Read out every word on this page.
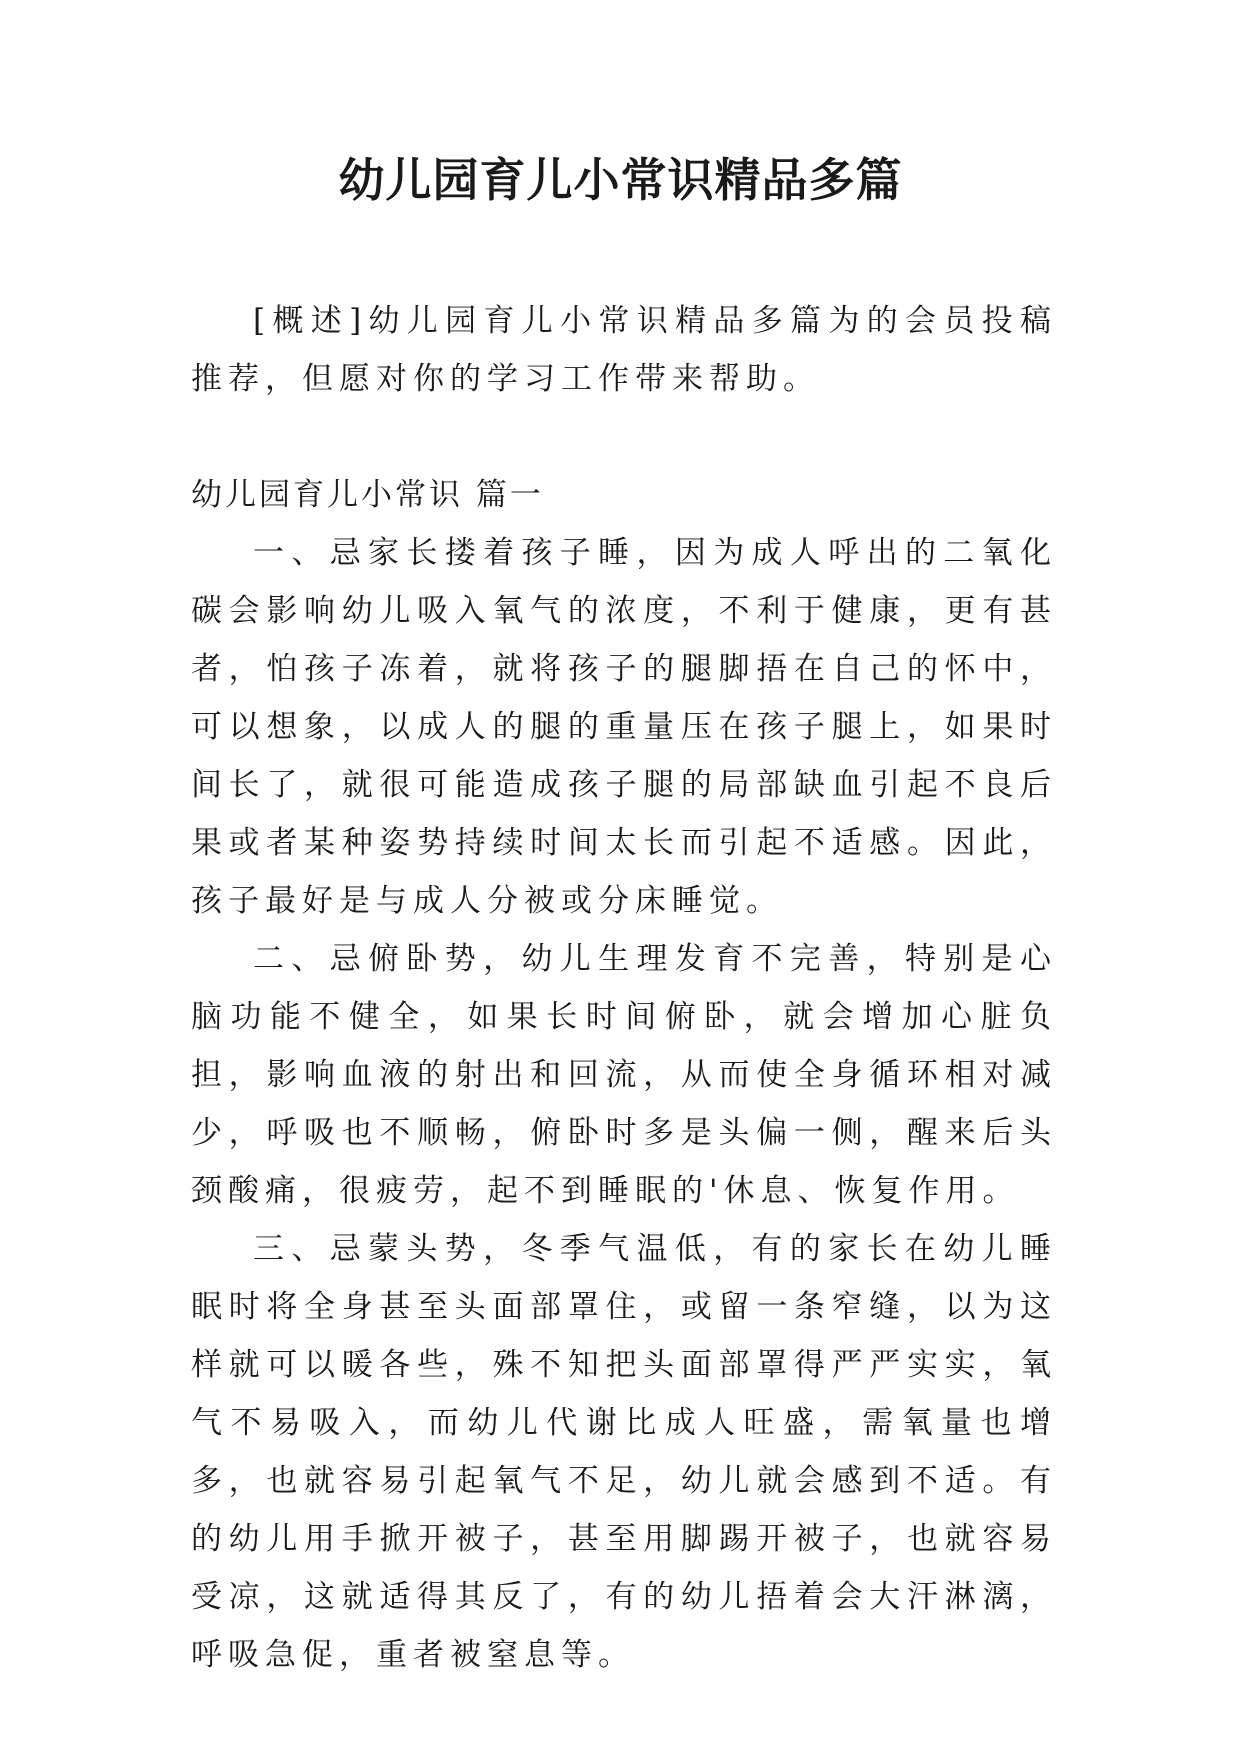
幼儿园育儿小常识精品多篇

[概述]幼儿园育儿小常识精品多篇为的会员投稿推荐，但愿对你的学习工作带来帮助。

幼儿园育儿小常识 篇一

一、忌家长搂着孩子睡，因为成人呼出的二氧化碳会影响幼儿吸入氧气的浓度，不利于健康，更有甚者，怕孩子冻着，就将孩子的腿脚捂在自己的怀中，可以想象，以成人的腿的重量压在孩子腿上，如果时间长了，就很可能造成孩子腿的局部缺血引起不良后果或者某种姿势持续时间太长而引起不适感。因此，孩子最好是与成人分被或分床睡觉。

二、忌俯卧势，幼儿生理发育不完善，特别是心脑功能不健全，如果长时间俯卧，就会增加心脏负担，影响血液的射出和回流，从而使全身循环相对减少，呼吸也不顺畅，俯卧时多是头偏一侧，醒来后头颈酸痛，很疲劳，起不到睡眠的'休息、恢复作用。

三、忌蒙头势，冬季气温低，有的家长在幼儿睡眠时将全身甚至头面部罩住，或留一条窄缝，以为这样就可以暖各些，殊不知把头面部罩得严严实实，氧气不易吸入，而幼儿代谢比成人旺盛，需氧量也增多，也就容易引起氧气不足，幼儿就会感到不适。有的幼儿用手掀开被子，甚至用脚踢开被子，也就容易受凉，这就适得其反了，有的幼儿捂着会大汗淋漓，呼吸急促，重者被窒息等。
